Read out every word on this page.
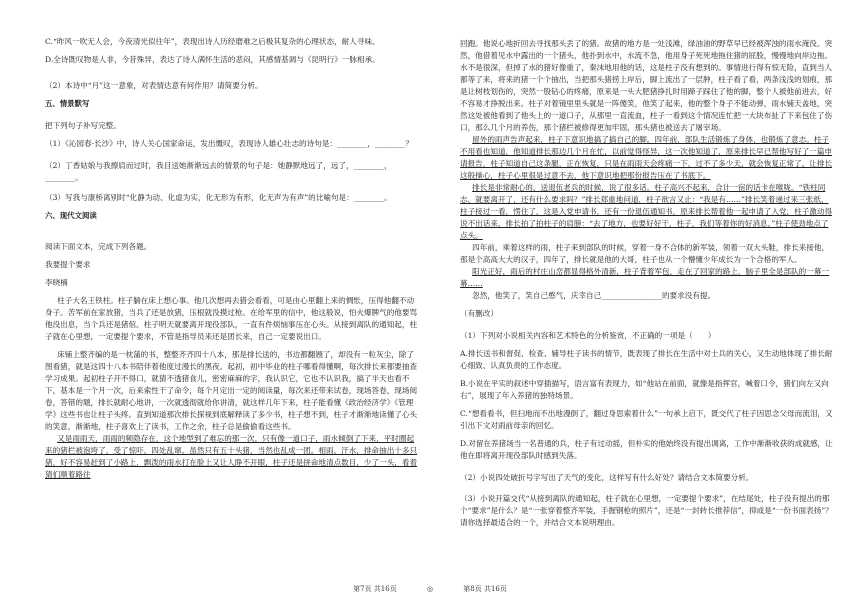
C.“昨风一吹无人会，今夜清光似往年”，表现出诗人历经磨难之后极其复杂的心理状态，耐人寻味。

D.全诗既叹物是人非，今昔殊异，表达了诗人满怀生活的悲闷，其感情基调与《昆明行》一脉相承。

（2）本诗中“月”这一意象，对表情达意有何作用？请简要分析。

五、情景默写

把下列句子补写完整。

（1）《沁园春·长沙》中，诗人关心国家命运，发出慨叹，表现诗人雄心壮志的诗句是：________，________？

（2）丁香姑娘与我擦肩而过时，我目送她渐渐远去的情景的句子是：她静默地远了，远了，________，________。

（3）写我与康桥离别时“化静为动、化虚为实，化无形为有形，化无声为有声”的比喻句是：________。

六、现代文阅读

阅读下面文本，完成下列各题。

我要提个要求

李晓楠

柱子大名王铁柱。柱子躺在床上想心事。他几次想再去猎会看看，可是由心里翻上来的惆怅，压得他翻不动身子。苦军前在家放猪，当兵了还是放猪，压根就没摸过枪。在给军里的信中，他这般说，怕火爆脾气的他要骂他没出息，当个兵还是猪倌。柱子明天就要离开现役部队，一直有件烦恼事压在心头。从接到离队的通知起，柱子就在心里想，一定要提个要求，不管是指导员来还是团长来，自己一定要说出口。

床铺上整齐编的是一枕蒲的书，整整齐齐四十八本，那是排长送的，书边都翻翘了，却没有一粒灰尘，除了图看猪，就是这四十八本书陪伴着他度过漫长的黑夜。起初，初中毕业的柱子哪看得懂啊，每次排长来都要抽查学习成果。起初柱子开不得口，就猜不透猪食儿，密密麻麻的字，我认识它，它也不认识我，搞了半天也看不下，基本是一个月一次，后来索性干了命令，每个月定出一定的阅读量，每次来还带来试卷，现场答卷，现场阅卷，答错的题，排长就耐心地讲，一次就透彻就给你讲清，就这样几年下来，柱子能看懂《政治经济学》《管理学》这些书也让柱子头疼。直到知道那次排长探视到底解释读了多少书，柱子想不到，柱子才渐渐地读懂了心头的笑意，渐渐地，柱子喜欢上了读书，工作之余，柱子总是偷偷看这些书。

又是雨雨天，雨雨的频隐存在，这个地型到了难忘的那一次，只有像一道口子，雨水倾倒了下来，平时圈起来的猪栏被泡垮了，受了惊吓，四处乱窜。虽然只有五十头猪，当然也乱成一团。相雨、汗水，排命抽出十多只猪，好不容易赶到了小路上，飘泼的雨水打在脸上又让人睁不开眼，柱子还是拼命地清点数目，少了一头，看着猜们顺着路往

回跑。他说心地折回去寻找那头丢了的猪。故猪的地方是一处浅滩，绿油油的野草早已经被浑浊的雨水淹没。突然，他借着见水中露出的一个猪头，他扑到水中，水流不急，他用身子死死地拖住猪的屁股，慢慢地向岸边拖。水不是很深，但掉了水的猪好像重了，秦沫地用他的话，这是柱子没有想到的。事情进行得有惊无险，直到当人都等了来，将来的猪一个个抽出，当把那头猪捞上岸后，脚上流出了一层肿，柱子看了看，两条浅浅的划痕，那是让树枝划伤的，突然一股钻心的疼痛，原来是一头大肥猪挣扎时用蹄子踩住了他的脚，整个人被他前进去，好不容易才挣脱出来。柱子对着镜里里头就是一阵傻笑，他笑了起来，他的整个身子不能动弹，雨水铺天盖地，突然这处被他看到了他头上的一道口子，从那里一直流血，柱子一看到这个情况连忙把一大块布扯了下来包住了伤口，那么几个月的养伤，那个猪栏被修得更加牢固，那头猪也被送去了屠宰场。

留外的雨声告声起来，柱子下意识地搞了搞自己的脚。四年前，部队生活锻炼了身体，也锻炼了意志。柱子不用看也知道，他知道排长那边几个月在忙，以前觉得怪异，这一次他知道了，原来排长早已帮他写好了一篇申请报告，柱子知道自己这条腿，正在恢复，只是在雨雨天会疼痛一下，过不了多少天，就会恢复正常了。让排长这般操心，柱子心里很是过意不去，他下意识地把那份报告压在了书底下。

排长是非常耐心的，送退伍老兵的时候，说了很多话。柱子高兴不起来，合计一宿的话卡在喉咙。“铁柱同志，就要离开了，还有什么要求吗？”排长郑重地问道，柱子欲言又止：“我是有……”排长笑着递过来三张纸，柱子接过一看，愣住了，这是入党申请书，还有一份退伍通知书，原来排长帮着他一起申请了入党，柱子激动得说不出话来，排长拍了拍柱子的肩膀：“去了地方，也要好好干，柱子，我们等着你的好消息。”柱子使劲地点了点头。

四年前，乘着这样的雨，柱子来到部队的时候，穿着一身不合体的新军装，领着一双大头鞋，排长来接他，那是个高高大大的汉子，四年了，排长就是他的大哥，柱子也从一个懵懂少年成长为一个合格的军人。

阳光正好，雨后的村庄山峦都显得格外清新，柱子背着军包，走在了回家的路上，脑子里全是部队的一幕一幕……

忽然，他笑了，笑自己憨气，庆幸自己________________的要求没有提。

（有删改）

（1）下列对小说相关内容和艺术特色的分析鉴赏，不正确的一项是（　　）

A.排长送书和督促、检查、辅导柱子读书的情节，既表现了排长在生活中对士兵的关心，又生动地体现了排长耐心细致、认真负责的工作态度。

B.小说在平实的叙述中穿插描写，语言富有表现力，如“他站在前面，就像是指挥官，喊着口令，猪们向左又向右”，展现了年入养猪的独特场景。

C.“想看看书，但扫地而不出地漫倒了，翻过身思索着什么”一句承上启下，既交代了柱子因思念父母而流泪，又引出下文对雨前母亲的回忆。

D.对留在养猪场当一名普通的兵，柱子有过动摇，但朴实的他始终没有提出调离，工作中渐渐收获的成就感，让他在即将离开现役部队时感到失落。

（2）小说四处破折号字写出了天气的变化，这样写有什么好处？请结合文本简要分析。

（3）小说开篇交代“从接到离队的通知起，柱子就在心里想，一定要提个要求”，在结尾处，柱子没有提出的那个“要求”是什么？是“一张穿着整齐军装，手握钢枪的照片”，还是“一封转长推荐信”，抑或是“一份书面表扬”？请你选择最适合的一个，并结合文本说明理由。

第7页 共16页	◎	第8页 共16页
